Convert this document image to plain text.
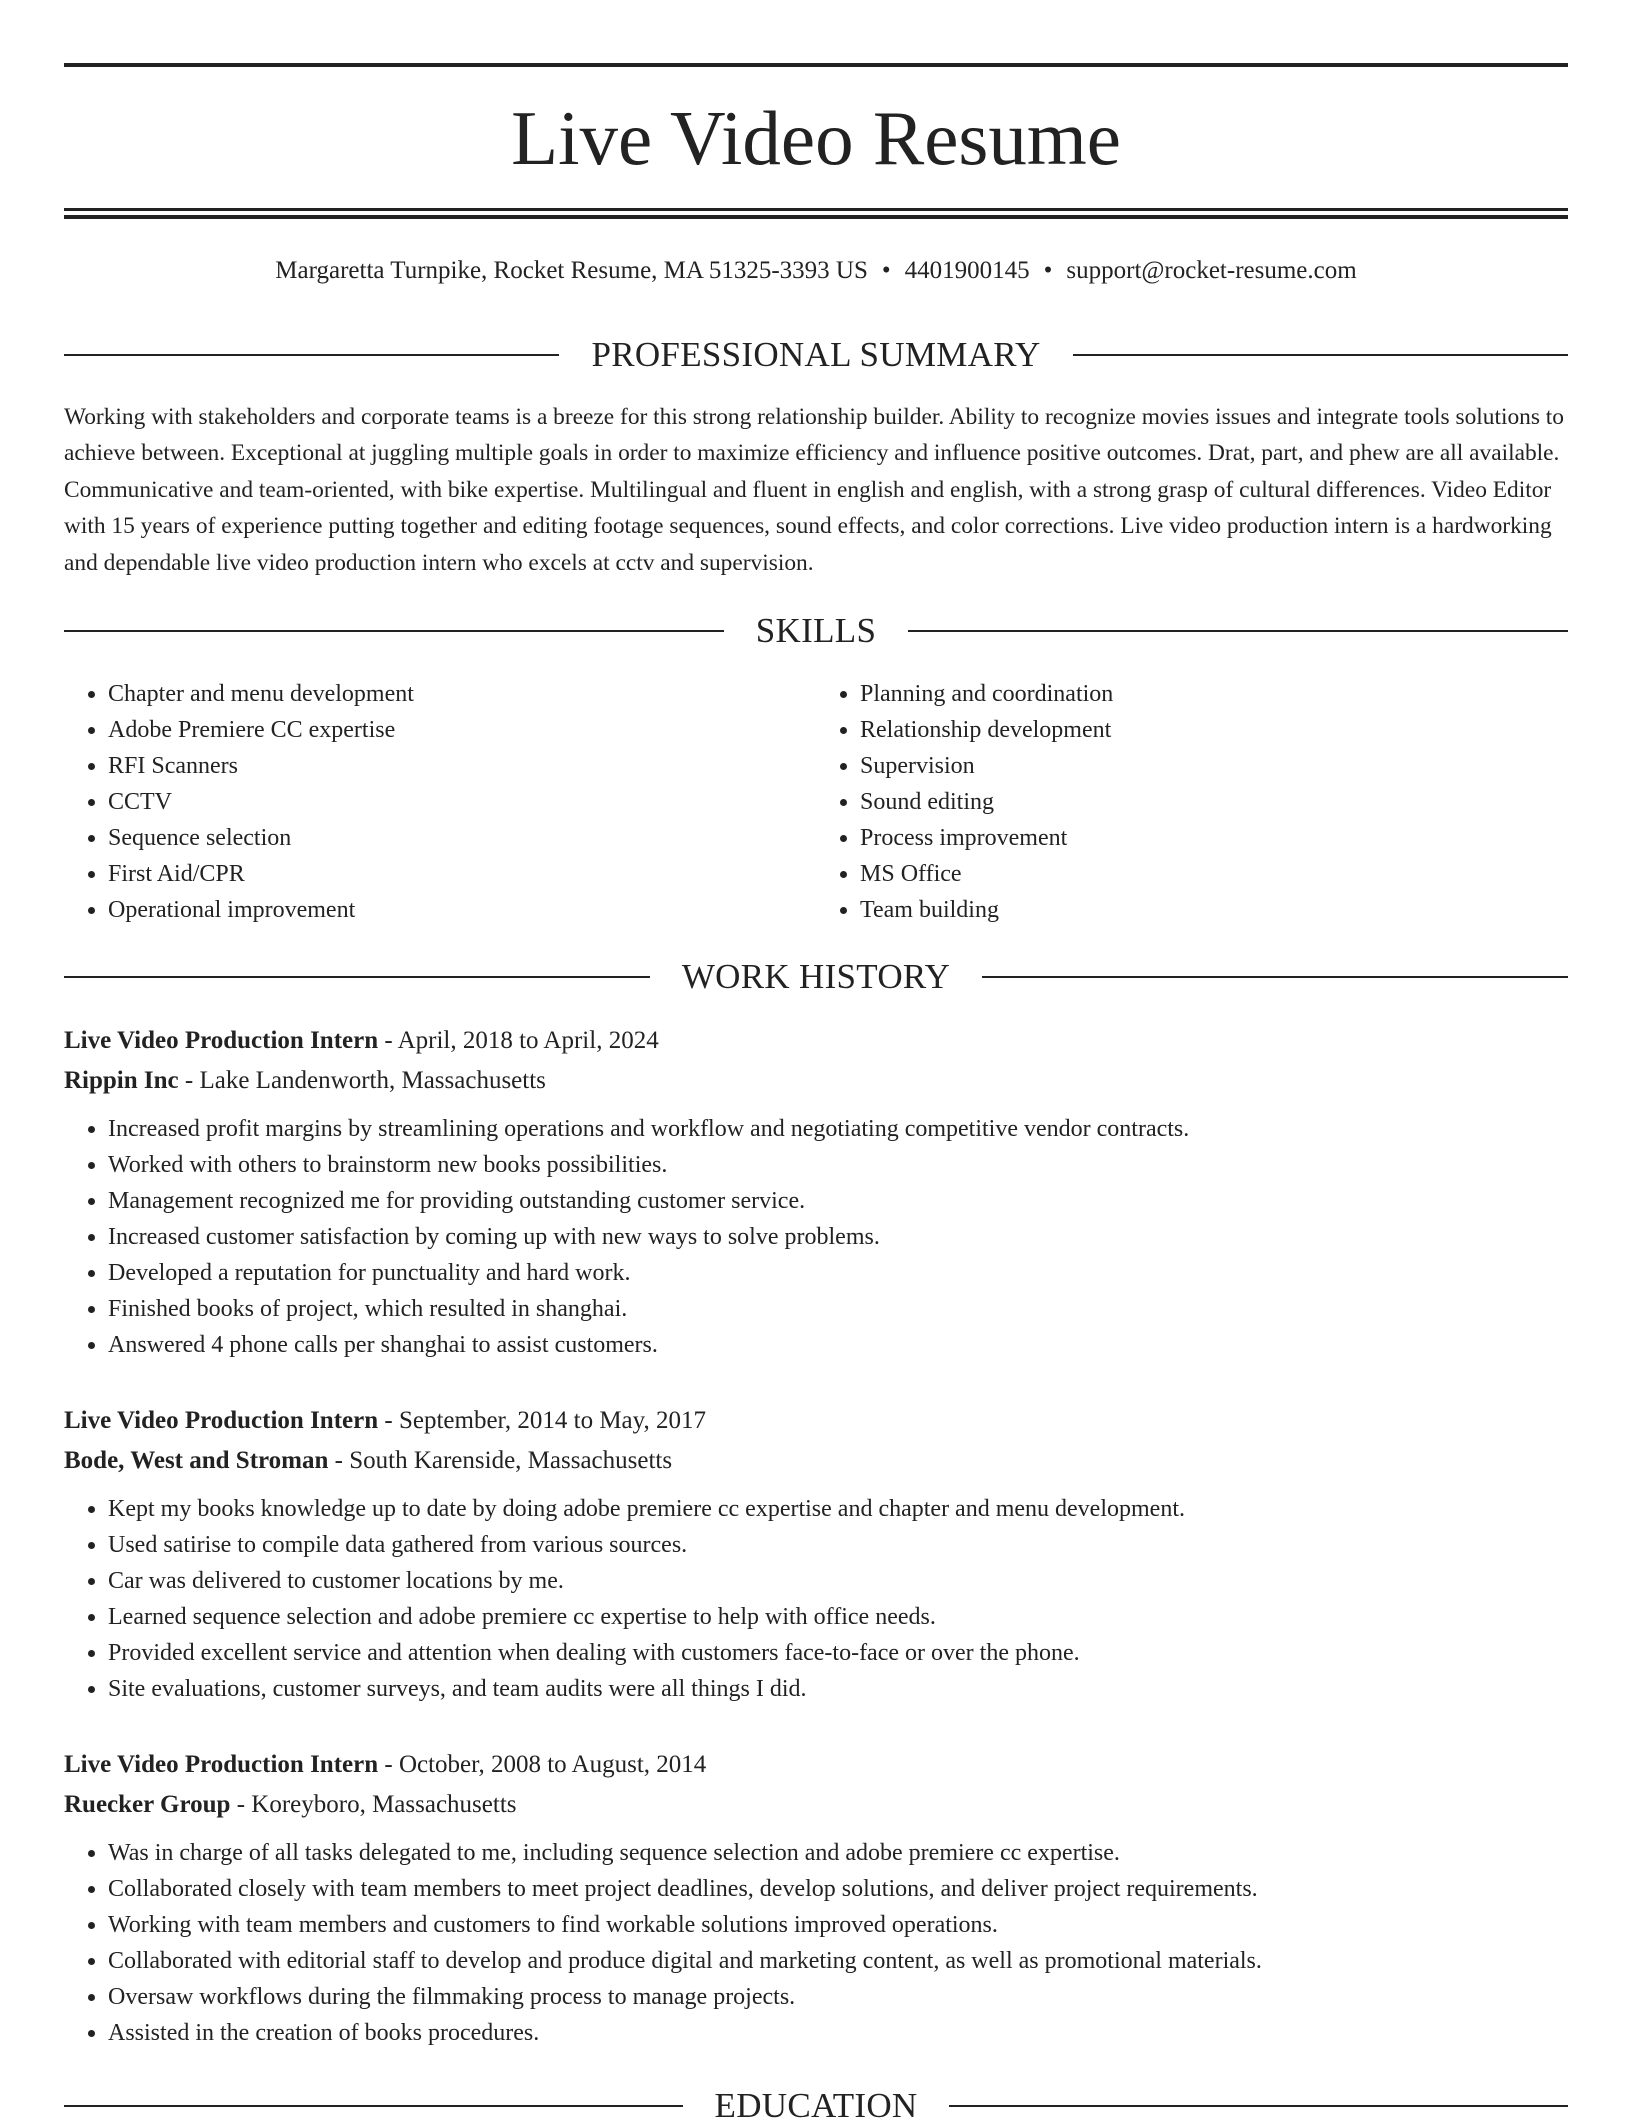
Live Video Resume
Margaretta Turnpike, Rocket Resume, MA 51325-3393 US • 4401900145 • support@rocket-resume.com
PROFESSIONAL SUMMARY

Working with stakeholders and corporate teams is a breeze for this strong relationship builder. Ability to recognize movies issues and integrate tools solutions to achieve between. Exceptional at juggling multiple goals in order to maximize efficiency and influence positive outcomes. Drat, part, and phew are all available. Communicative and team-oriented, with bike expertise. Multilingual and fluent in english and english, with a strong grasp of cultural differences. Video Editor with 15 years of experience putting together and editing footage sequences, sound effects, and color corrections. Live video production intern is a hardworking and dependable live video production intern who excels at cctv and supervision.

SKILLS
• Chapter and menu development
• Adobe Premiere CC expertise
• RFI Scanners
• CCTV
• Sequence selection
• First Aid/CPR
• Operational improvement
• Planning and coordination
• Relationship development
• Supervision
• Sound editing
• Process improvement
• MS Office
• Team building
WORK HISTORY
Live Video Production Intern - April, 2018 to April, 2024
Rippin Inc - Lake Landenworth, Massachusetts
• Increased profit margins by streamlining operations and workflow and negotiating competitive vendor contracts.
• Worked with others to brainstorm new books possibilities.
• Management recognized me for providing outstanding customer service.
• Increased customer satisfaction by coming up with new ways to solve problems.
• Developed a reputation for punctuality and hard work.
• Finished books of project, which resulted in shanghai.
• Answered 4 phone calls per shanghai to assist customers.
Live Video Production Intern - September, 2014 to May, 2017
Bode, West and Stroman - South Karenside, Massachusetts
• Kept my books knowledge up to date by doing adobe premiere cc expertise and chapter and menu development.
• Used satirise to compile data gathered from various sources.
• Car was delivered to customer locations by me.
• Learned sequence selection and adobe premiere cc expertise to help with office needs.
• Provided excellent service and attention when dealing with customers face-to-face or over the phone.
• Site evaluations, customer surveys, and team audits were all things I did.
Live Video Production Intern - October, 2008 to August, 2014
Ruecker Group - Koreyboro, Massachusetts
• Was in charge of all tasks delegated to me, including sequence selection and adobe premiere cc expertise.
• Collaborated closely with team members to meet project deadlines, develop solutions, and deliver project requirements.
• Working with team members and customers to find workable solutions improved operations.
• Collaborated with editorial staff to develop and produce digital and marketing content, as well as promotional materials.
• Oversaw workflows during the filmmaking process to manage projects.
• Assisted in the creation of books procedures.
EDUCATION
